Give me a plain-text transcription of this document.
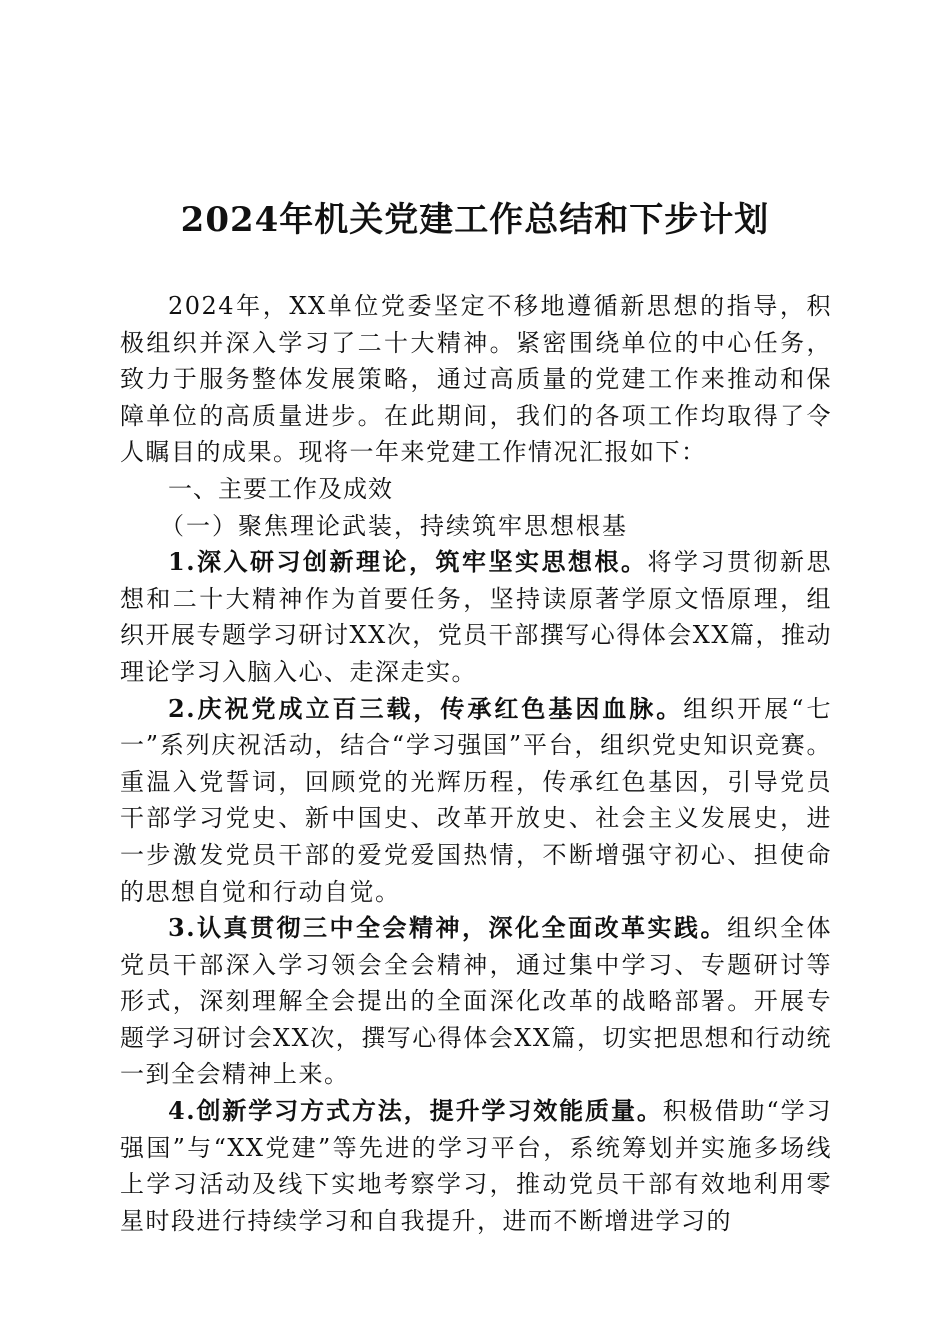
2024年机关党建工作总结和下步计划

2024年，XX单位党委坚定不移地遵循新思想的指导，积极组织并深入学习了二十大精神。紧密围绕单位的中心任务，致力于服务整体发展策略，通过高质量的党建工作来推动和保障单位的高质量进步。在此期间，我们的各项工作均取得了令人瞩目的成果。现将一年来党建工作情况汇报如下：

一、主要工作及成效

（一）聚焦理论武装，持续筑牢思想根基

1.深入研习创新理论，筑牢坚实思想根。将学习贯彻新思想和二十大精神作为首要任务，坚持读原著学原文悟原理，组织开展专题学习研讨XX次，党员干部撰写心得体会XX篇，推动理论学习入脑入心、走深走实。

2.庆祝党成立百三载，传承红色基因血脉。组织开展“七一”系列庆祝活动，结合“学习强国”平台，组织党史知识竞赛。重温入党誓词，回顾党的光辉历程，传承红色基因，引导党员干部学习党史、新中国史、改革开放史、社会主义发展史，进一步激发党员干部的爱党爱国热情，不断增强守初心、担使命的思想自觉和行动自觉。

3.认真贯彻三中全会精神，深化全面改革实践。组织全体党员干部深入学习领会全会精神，通过集中学习、专题研讨等形式，深刻理解全会提出的全面深化改革的战略部署。开展专题学习研讨会XX次，撰写心得体会XX篇，切实把思想和行动统一到全会精神上来。

4.创新学习方式方法，提升学习效能质量。积极借助“学习强国”与“XX党建”等先进的学习平台，系统筹划并实施多场线上学习活动及线下实地考察学习，推动党员干部有效地利用零星时段进行持续学习和自我提升，进而不断增进学习的
